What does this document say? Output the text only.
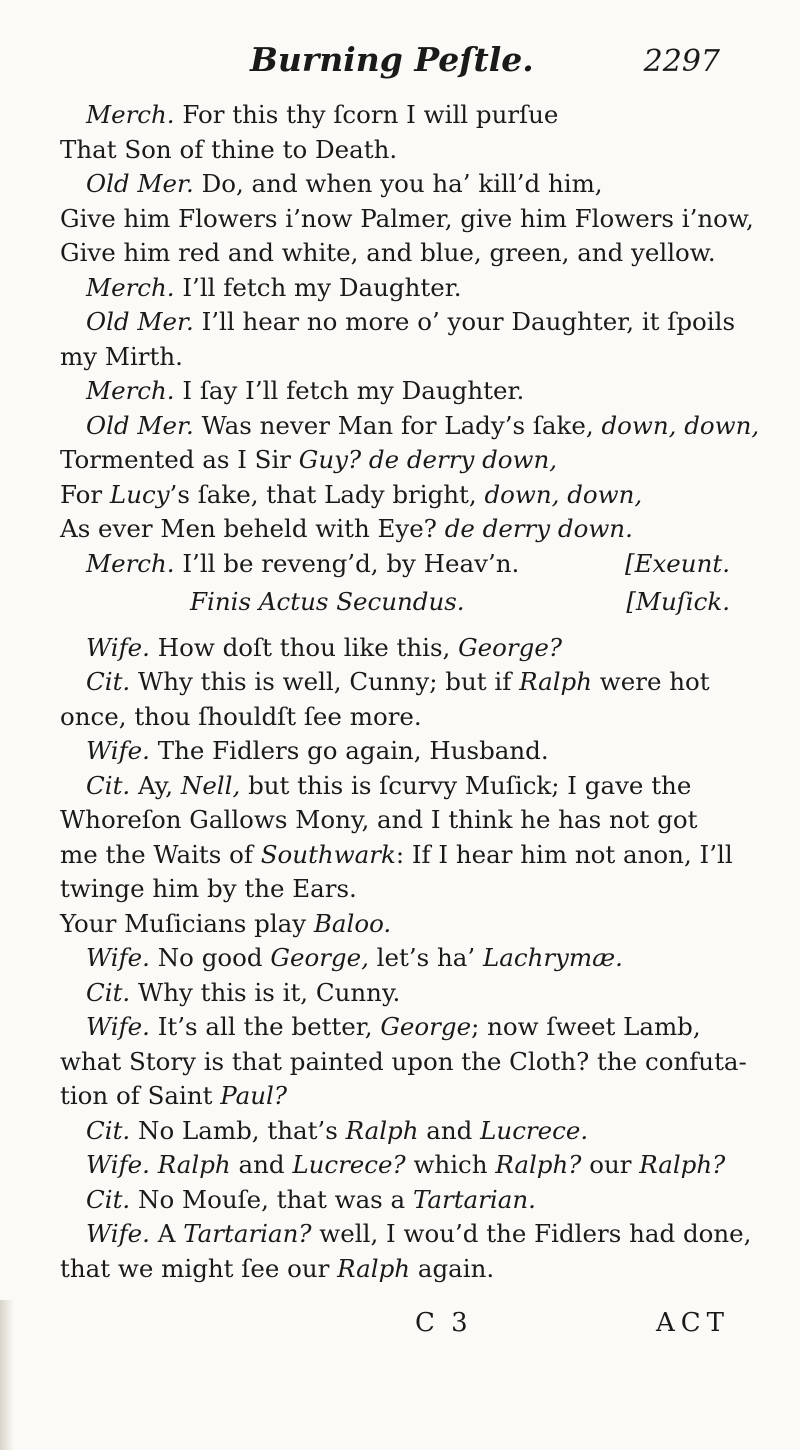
Burning Peſtle.	2297
Merch. For this thy ſcorn I will purſue
That Son of thine to Death.
Old Mer. Do, and when you ha’ kill’d him,
Give him Flowers i’now Palmer, give him Flowers i’now,
Give him red and white, and blue, green, and yellow.
Merch. I’ll fetch my Daughter.
Old Mer. I’ll hear no more o’ your Daughter, it ſpoils
my Mirth.
Merch. I ſay I’ll fetch my Daughter.
Old Mer. Was never Man for Lady’s ſake, down, down,
Tormented as I Sir Guy? de derry down,
For Lucy’s ſake, that Lady bright, down, down,
As ever Men beheld with Eye? de derry down.
Merch. I’ll be reveng’d, by Heav’n.	[Exeunt.
Finis Actus Secundus.	[Muſick.
Wife. How doſt thou like this, George?
Cit. Why this is well, Cunny; but if Ralph were hot
once, thou ſhouldſt ſee more.
Wife. The Fidlers go again, Husband.
Cit. Ay, Nell, but this is ſcurvy Muſick; I gave the
Whoreſon Gallows Mony, and I think he has not got
me the Waits of Southwark: If I hear him not anon, I’ll
twinge him by the Ears.
Your Muſicians play Baloo.
Wife. No good George, let’s ha’ Lachrymæ.
Cit. Why this is it, Cunny.
Wife. It’s all the better, George; now ſweet Lamb,
what Story is that painted upon the Cloth? the confuta-
tion of Saint Paul?
Cit. No Lamb, that’s Ralph and Lucrece.
Wife. Ralph and Lucrece? which Ralph? our Ralph?
Cit. No Mouſe, that was a Tartarian.
Wife. A Tartarian? well, I wou’d the Fidlers had done,
that we might ſee our Ralph again.
C 3	ACT
